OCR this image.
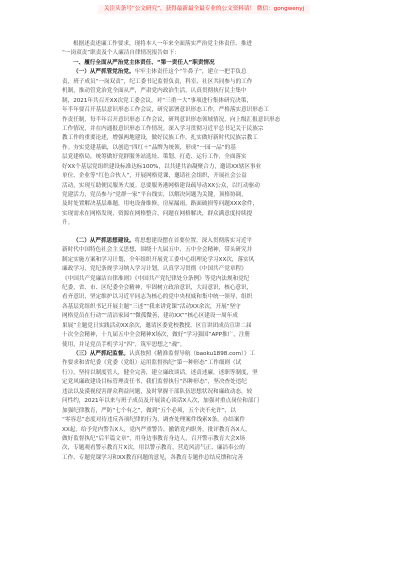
关注头条号“公文研究”，获得最新最全最专业的公文资料请！ 微信：gongwenyj
根据述责述廉工作要求，现将本人一年来全面落实严治党主体责任、推进
“一岗双责”职责及个人廉洁自律情况报告如下：
一、履行全面从严治党主体责任、“第一责任人”职责情况
（一）从严抓管党治党。牢牢主体责任这个“牛鼻子”，建立一把手负总
责，班子成员“一岗双责”，纪工委书记监督负责，科室、社区共同参与的工作
机制，推动管党治党全面从严，严肃党内政治生活，认真贯彻执行民主集中
制，2021年共召开XX次党工委会议，对“三重一大”事项进行集体研究决策，
年半年要召开基层意识形态工作会议，研究部署意识形态工作，严格落实意识形态工
作责任制，每半年召开意识形态工作会议，研判意识形态领域情况，向上级汇报意识形态
工作情况，并在内通报意识形态工作情况。深入学习贯彻习近平总书记关于民族宗
教工作的重要论述，增强两地建设，做好民族工作，扎实做好新时代民族宗教工
作。夯实党建基础，以创造“四红＋”品牌为统领，形成“一园一品”的基
层党建格局，统筹做好党群服务站选址、策划、打造、运行工作，全面落实
好XX个基层党组织建设标准达标100%，以共建共治凝聚合力，邀请XX辖区事业
单位、企业等“红色合伙人”，开展网格党课，邀请社会组织，开展社会公益
活动，实现互助便民服务大厦。总要服务港网格建设疏导动XX公众，以红动驱动
党建活力，党员参与“党群一家”平台线实，以解决问题为关键，顶格协调，
及时处置解决基层难题，用电设备维修，房屋漏雨，路面破损等问题XXX余件，
实现需求在网格发现，资源在网格整合，问题在网格解决，群众满意度持续提
升。
（二）从严抓思想建设。将思想建设摆在首要位置，深入贯彻落实习近平
新时代中国特色社会主义思想，围绕十九届五中、五中全会精神，带头研究并
制定实施方案和学习计划，全年组织开展党工委中心组理论学习XX次，落实风
廉政学习，党纪条规学习纳入学习计划，认真学习贯彻《中国共产党章程》
《中国共产党廉洁自律准则》《中国共产党纪律处分条例》等党内法规和党纪
纪委，省、市、区纪委全会精神，牢固树立政治意识，大局意识，核心意识，
看齐意识，坚定维护以习近平同志为核心的党中央权威和集中统一领导，组织
各基层党组织书记开展主题“三述”“我来讲党课”活动XX余次，开展“坚守
网格党员在行动”“清洁家园”“微孤微善，建功XX”“核心区建设一周年成
果展”主题党日实践活动XX余次，邀请区委党校教授、区宣讲团成员宣讲二届
十次全会精神，十九届五中全会精神X场次，做好“学习强国”APP推广，注册
使用，并足党员手机学习“四”，筑牢思想之“魂”。
（三）从严抓纪监督。认真按照《精准监督导航（baoku1898.com）》工
作要求和省纪委《党委（党组）运用监督执纪“第一种形态”工作细则（试
行）》，坚持以制度管人，健全完善，建立廉政谈话，述责述廉，述职等制度，坚
定党风廉政建设目标管理责任书，我们监督执行“四种形态”，坚决查处违纪
违法以及漠视侵害群众利益问题，及时掌握干部队伍思想状况和廉政动态，较
问性约，2021年以来与班子成员及开展谈心谈话X人次，加强对重点岗位和部门
加强纪律教育，严防“七个有之”，做到“五个必须，五个决不允许”，以
“零容忍”态度对待违反各项纪律的行为，调查处理案件线索X条，办结案件
XX起，给予党内警告X人，党内严重警告，撤销党内职务，批评教育各X人，
做好监督执纪“后半篇文章”，用身边事教育身边人，召开警示教育大会X场
次，专题观看警示教育片X次，用以警示教育，营造风清气正、廉洁奉公的
工作、专题党课学习和XX教育问题的意见，各教育专题作总结反馈和完善
